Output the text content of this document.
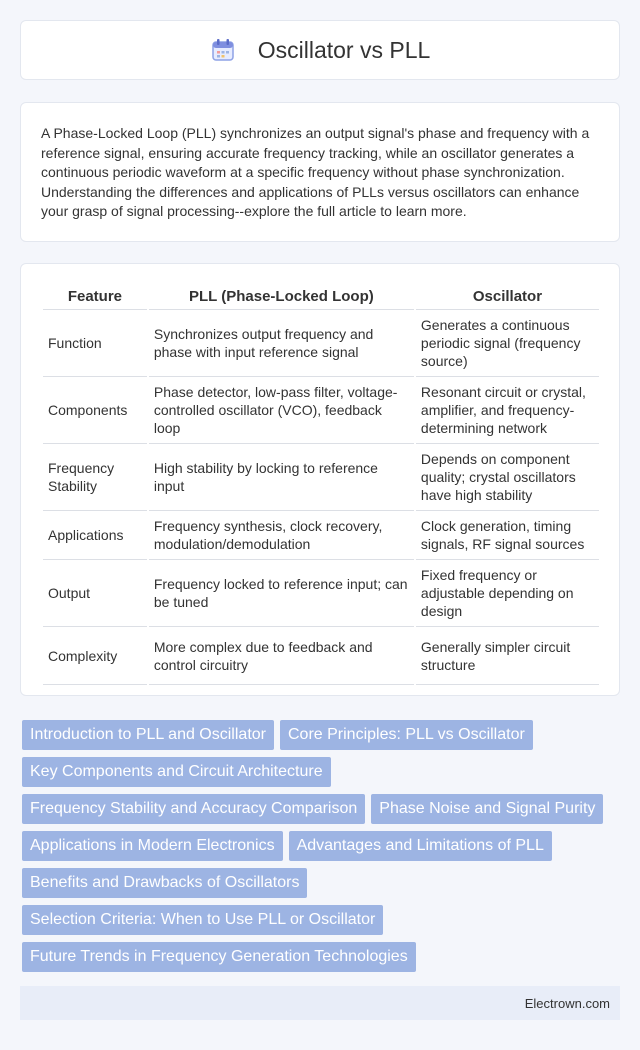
Oscillator vs PLL

A Phase-Locked Loop (PLL) synchronizes an output signal's phase and frequency with a reference signal, ensuring accurate frequency tracking, while an oscillator generates a continuous periodic waveform at a specific frequency without phase synchronization. Understanding the differences and applications of PLLs versus oscillators can enhance your grasp of signal processing--explore the full article to learn more.

Feature	PLL (Phase-Locked Loop)	Oscillator
Function	Synchronizes output frequency and phase with input reference signal	Generates a continuous periodic signal (frequency source)
Components	Phase detector, low-pass filter, voltage-controlled oscillator (VCO), feedback loop	Resonant circuit or crystal, amplifier, and frequency-determining network
Frequency Stability	High stability by locking to reference input	Depends on component quality; crystal oscillators have high stability
Applications	Frequency synthesis, clock recovery, modulation/demodulation	Clock generation, timing signals, RF signal sources
Output	Frequency locked to reference input; can be tuned	Fixed frequency or adjustable depending on design
Complexity	More complex due to feedback and control circuitry	Generally simpler circuit structure
Introduction to PLL and Oscillator	Core Principles: PLL vs Oscillator
Key Components and Circuit Architecture
Frequency Stability and Accuracy Comparison	Phase Noise and Signal Purity
Applications in Modern Electronics	Advantages and Limitations of PLL
Benefits and Drawbacks of Oscillators
Selection Criteria: When to Use PLL or Oscillator
Future Trends in Frequency Generation Technologies
Electrown.com
